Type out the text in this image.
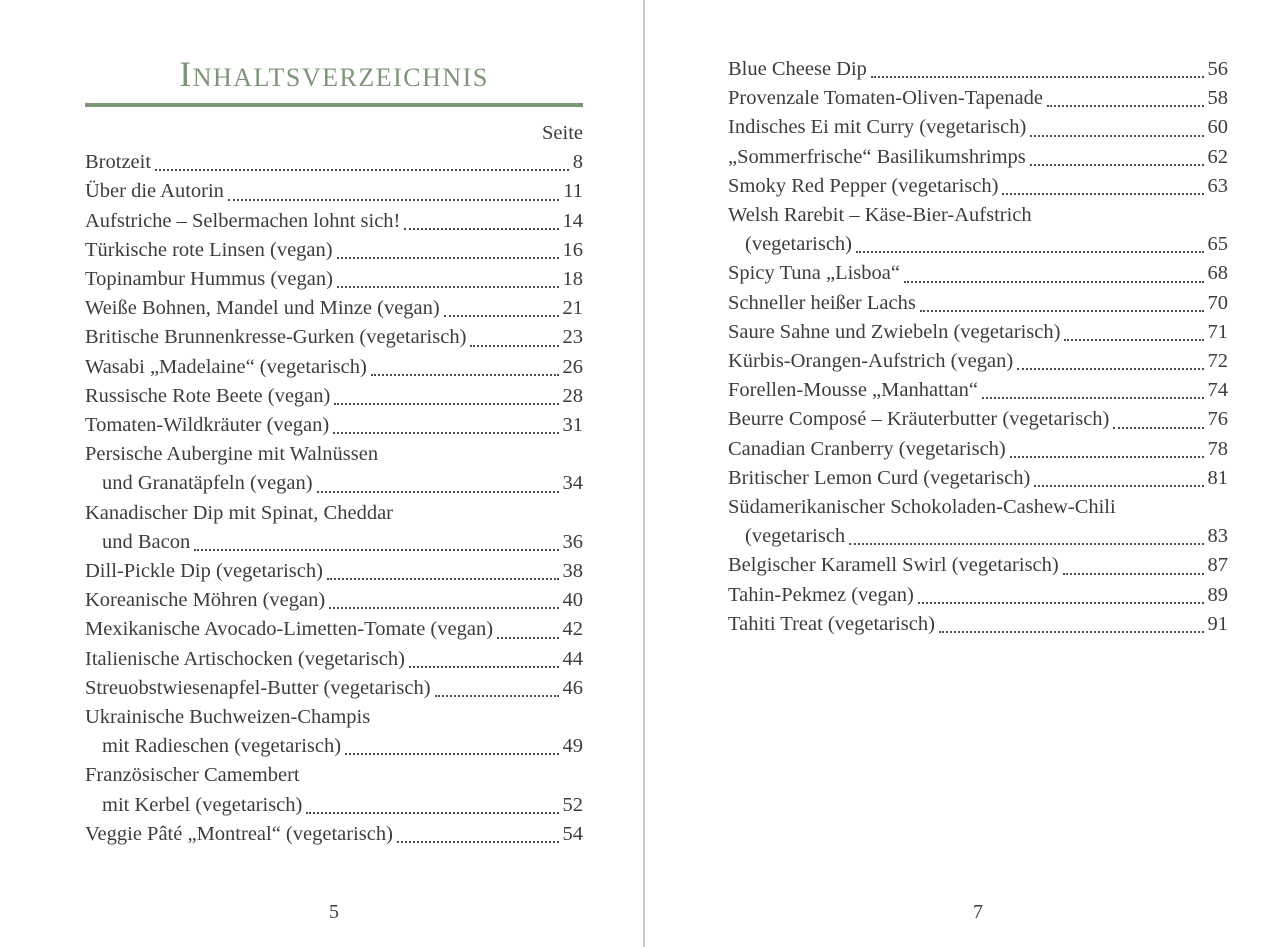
INHALTSVERZEICHNIS
Seite
Brotzeit	8
Über die Autorin	11
Aufstriche – Selbermachen lohnt sich!	14
Türkische rote Linsen (vegan)	16
Topinambur Hummus (vegan)	18
Weiße Bohnen, Mandel und Minze (vegan)	21
Britische Brunnenkresse-Gurken (vegetarisch)	23
Wasabi „Madelaine“ (vegetarisch)	26
Russische Rote Beete (vegan)	28
Tomaten-Wildkräuter (vegan)	31
Persische Aubergine mit Walnüssen
und Granatäpfeln (vegan)	34
Kanadischer Dip mit Spinat, Cheddar
und Bacon	36
Dill-Pickle Dip (vegetarisch)	38
Koreanische Möhren (vegan)	40
Mexikanische Avocado-Limetten-Tomate (vegan)	42
Italienische Artischocken (vegetarisch)	44
Streuobstwiesenapfel-Butter (vegetarisch)	46
Ukrainische Buchweizen-Champis
mit Radieschen (vegetarisch)	49
Französischer Camembert
mit Kerbel (vegetarisch)	52
Veggie Pâté „Montreal“ (vegetarisch)	54
Blue Cheese Dip	56
Provenzale Tomaten-Oliven-Tapenade	58
Indisches Ei mit Curry (vegetarisch)	60
„Sommerfrische“ Basilikumshrimps	62
Smoky Red Pepper (vegetarisch)	63
Welsh Rarebit – Käse-Bier-Aufstrich
(vegetarisch)	65
Spicy Tuna „Lisboa“	68
Schneller heißer Lachs	70
Saure Sahne und Zwiebeln (vegetarisch)	71
Kürbis-Orangen-Aufstrich (vegan)	72
Forellen-Mousse „Manhattan“	74
Beurre Composé – Kräuterbutter (vegetarisch)	76
Canadian Cranberry (vegetarisch)	78
Britischer Lemon Curd (vegetarisch)	81
Südamerikanischer Schokoladen-Cashew-Chili
(vegetarisch	83
Belgischer Karamell Swirl (vegetarisch)	87
Tahin-Pekmez (vegan)	89
Tahiti Treat (vegetarisch)	91
5	7
